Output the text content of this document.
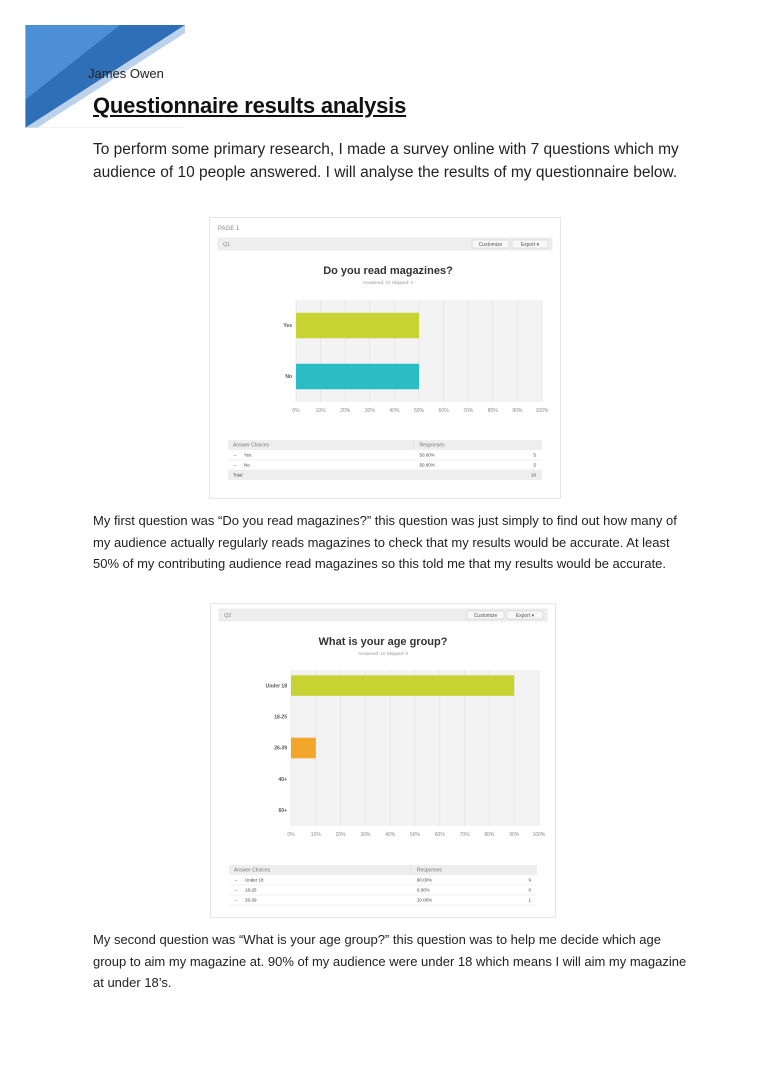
James Owen
Questionnaire results analysis
To perform some primary research, I made a survey online with 7 questions which my audience of 10 people answered. I will analyse the results of my questionnaire below.
PAGE 1
Q1	Customize	Export ▾
Do you read magazines?
Answered: 10 Skipped: 0
0%	10%	20%	30%	40%	50%	60%	70%	80%	90%	100%
Yes
No
Answer Choices	Responses
– Yes	50.00%	5
– No	50.00%	5
Total	10
My first question was “Do you read magazines?” this question was just simply to find out how many of my audience actually regularly reads magazines to check that my results would be accurate. At least 50% of my contributing audience read magazines so this told me that my results would be accurate.
Q2	Customize	Export ▾
What is your age group?
Answered: 10 Skipped: 0
0%	10%	20%	30%	40%	50%	60%	70%	80%	90%	100%
Under 18
18-25
26-39
40+
60+
Answer Choices	Responses
– Under 18	90.00%	9
– 18-25	0.00%	0
– 26-39	10.00%	1
My second question was “What is your age group?” this question was to help me decide which age group to aim my magazine at. 90% of my audience were under 18 which means I will aim my magazine at under 18’s.
